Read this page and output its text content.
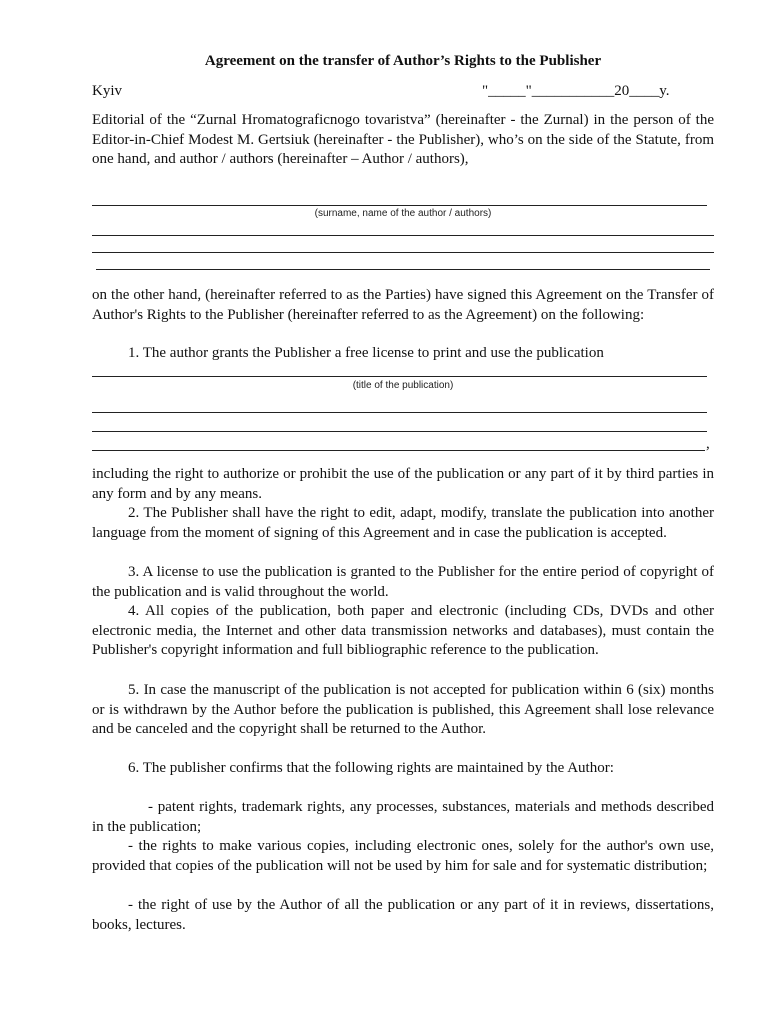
Agreement on the transfer of Author’s Rights to the Publisher
Kyiv	"_____"___________20____y.

Editorial of the “Zurnal Hromatograficnogo tovaristva” (hereinafter - the Zurnal) in the person of the Editor-in-Chief Modest M. Gertsiuk (hereinafter - the Publisher), who’s on the side of the Statute, from one hand, and author / authors (hereinafter – Author / authors),

(surname, name of the author / authors)

on the other hand, (hereinafter referred to as the Parties) have signed this Agreement on the Transfer of Author's Rights to the Publisher (hereinafter referred to as the Agreement) on the following:

1. The author grants the Publisher a free license to print and use the publication

(title of the publication)
,

including the right to authorize or prohibit the use of the publication or any part of it by third parties in any form and by any means.

2. The Publisher shall have the right to edit, adapt, modify, translate the publication into another language from the moment of signing of this Agreement and in case the publication is accepted.

3. A license to use the publication is granted to the Publisher for the entire period of copyright of the publication and is valid throughout the world.

4. All copies of the publication, both paper and electronic (including CDs, DVDs and other electronic media, the Internet and other data transmission networks and databases), must contain the Publisher's copyright information and full bibliographic reference to the publication.

5. In case the manuscript of the publication is not accepted for publication within 6 (six) months or is withdrawn by the Author before the publication is published, this Agreement shall lose relevance and be canceled and the copyright shall be returned to the Author.

6. The publisher confirms that the following rights are maintained by the Author:

- patent rights, trademark rights, any processes, substances, materials and methods described in the publication;

- the rights to make various copies, including electronic ones, solely for the author's own use, provided that copies of the publication will not be used by him for sale and for systematic distribution;

- the right of use by the Author of all the publication or any part of it in reviews, dissertations, books, lectures.
